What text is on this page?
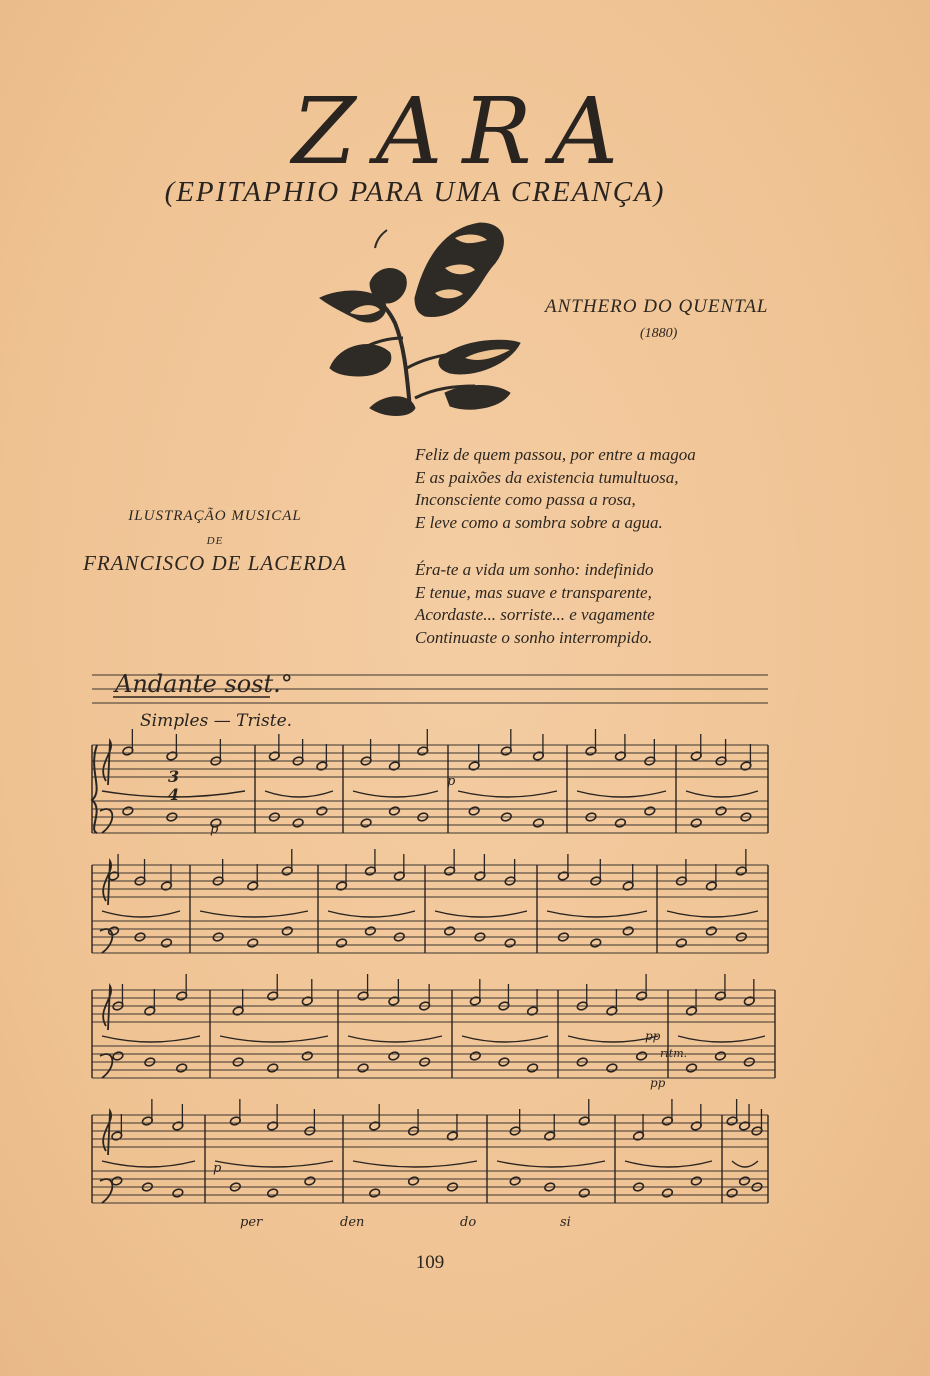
ZARA
(EPITAPHIO PARA UMA CREANÇA)
ANTHERO DO QUENTAL
(1880)
ILUSTRAÇÃO MUSICAL
DE
FRANCISCO DE LACERDA
Feliz de quem passou, por entre a magoa
E as paixões da existencia tumultuosa,
Inconsciente como passa a rosa,
E leve como a sombra sobre a agua.
Éra-te a vida um sonho: indefinido
E tenue, mas suave e transparente,
Acordaste... sorriste... e vagamente
Continuaste o sonho interrompido.
Andante sost.°
Simples — Triste.
3
4
p
p
p
pp
pp
ritm.
per	den	do	si
109
